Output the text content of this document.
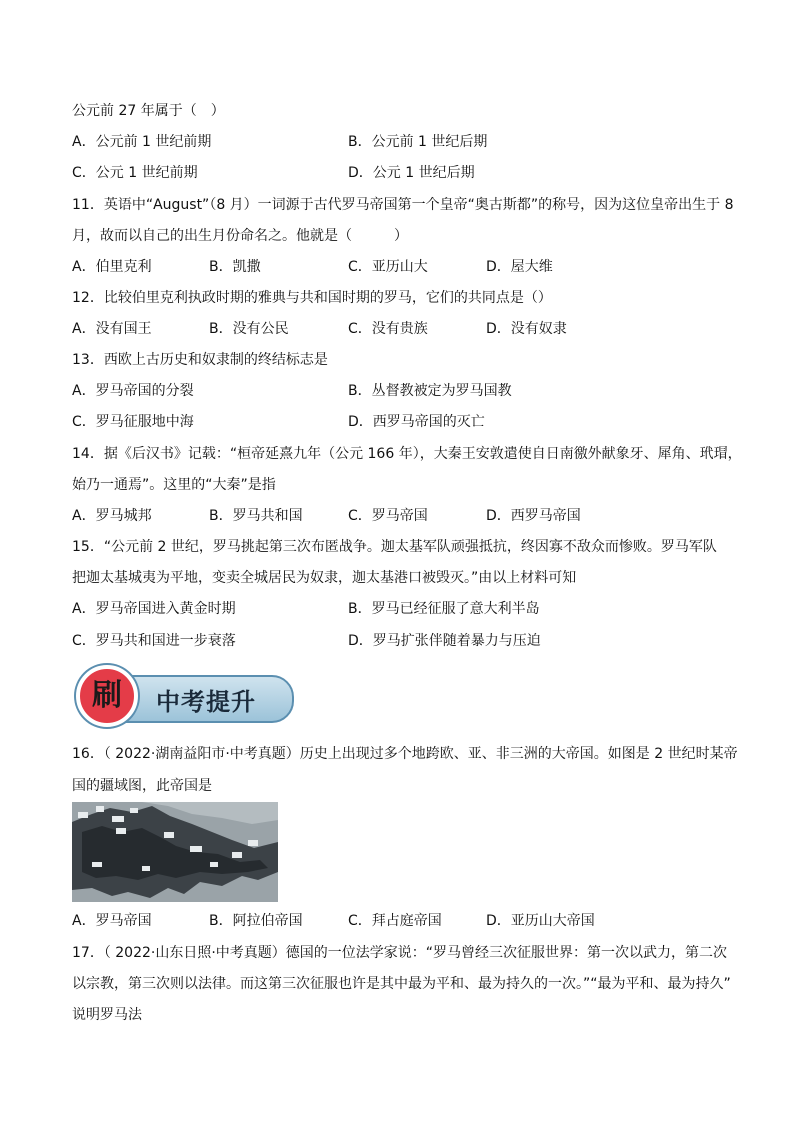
公元前 27 年属于（　）
A．公元前 1 世纪前期	B．公元前 1 世纪后期
C．公元 1 世纪前期	D．公元 1 世纪后期
11．英语中“August”（8 月）一词源于古代罗马帝国第一个皇帝“奥古斯都”的称号，因为这位皇帝出生于 8
月，故而以自己的出生月份命名之。他就是（　　　）
A．伯里克利	B．凯撒	C．亚历山大	D．屋大维
12．比较伯里克利执政时期的雅典与共和国时期的罗马，它们的共同点是（）
A．没有国王	B．没有公民	C．没有贵族	D．没有奴隶
13．西欧上古历史和奴隶制的终结标志是
A．罗马帝国的分裂	B．丛督教被定为罗马国教
C．罗马征服地中海	D．西罗马帝国的灭亡
14．据《后汉书》记载：“桓帝延熹九年（公元 166 年），大秦王安敦遣使自日南徼外献象牙、犀角、玳瑁，
始乃一通焉”。这里的“大秦”是指
A．罗马城邦	B．罗马共和国	C．罗马帝国	D．西罗马帝国
15．“公元前 2 世纪，罗马挑起第三次布匿战争。迦太基军队顽强抵抗，终因寡不敌众而惨败。罗马军队
把迦太基城夷为平地，变卖全城居民为奴隶，迦太基港口被毁灭。”由以上材料可知
A．罗马帝国进入黄金时期	B．罗马已经征服了意大利半岛
C．罗马共和国进一步衰落	D．罗马扩张伴随着暴力与压迫
刷	中考提升
16．（ 2022·湖南益阳市·中考真题）历史上出现过多个地跨欧、亚、非三洲的大帝国。如图是 2 世纪时某帝
国的疆域图，此帝国是
A．罗马帝国	B．阿拉伯帝国	C．拜占庭帝国	D．亚历山大帝国
17．（ 2022·山东日照·中考真题）德国的一位法学家说：“罗马曾经三次征服世界：第一次以武力，第二次
以宗教，第三次则以法律。而这第三次征服也许是其中最为平和、最为持久的一次。”“最为平和、最为持久”
说明罗马法
